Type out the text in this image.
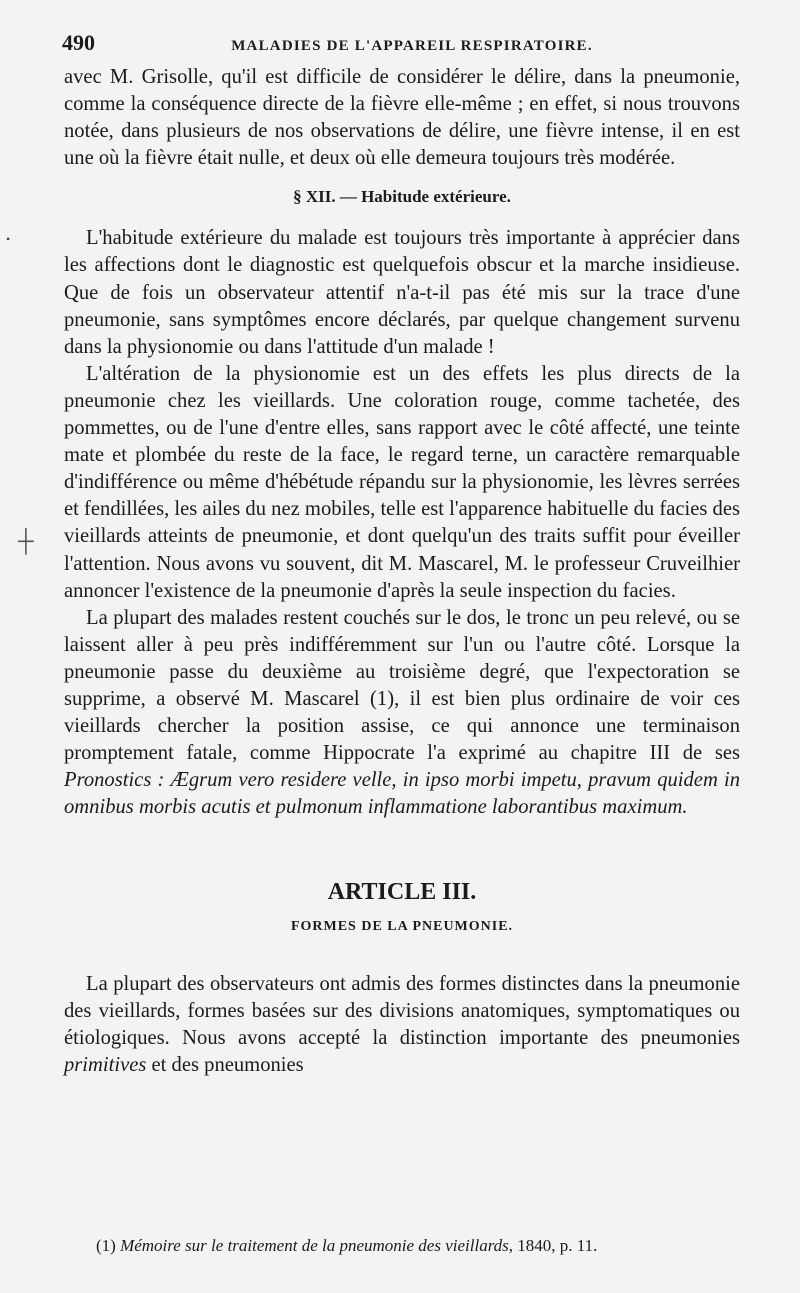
•
┼
490	MALADIES DE L'APPAREIL RESPIRATOIRE.

avec M. Grisolle, qu'il est difficile de considérer le délire, dans la pneumonie, comme la conséquence directe de la fièvre elle-même ; en effet, si nous trouvons notée, dans plusieurs de nos observations de délire, une fièvre intense, il en est une où la fièvre était nulle, et deux où elle demeura toujours très modérée.

§ XII. — Habitude extérieure.

L'habitude extérieure du malade est toujours très importante à apprécier dans les affections dont le diagnostic est quelquefois obscur et la marche insidieuse. Que de fois un observateur attentif n'a-t-il pas été mis sur la trace d'une pneumonie, sans symptômes encore déclarés, par quelque changement survenu dans la physionomie ou dans l'attitude d'un malade !

L'altération de la physionomie est un des effets les plus directs de la pneumonie chez les vieillards. Une coloration rouge, comme tachetée, des pommettes, ou de l'une d'entre elles, sans rapport avec le côté affecté, une teinte mate et plombée du reste de la face, le regard terne, un caractère remarquable d'indifférence ou même d'hébétude répandu sur la physionomie, les lèvres serrées et fendillées, les ailes du nez mobiles, telle est l'apparence habituelle du facies des vieillards atteints de pneumonie, et dont quelqu'un des traits suffit pour éveiller l'attention. Nous avons vu souvent, dit M. Mascarel, M. le professeur Cruveilhier annoncer l'existence de la pneumonie d'après la seule inspection du facies.

La plupart des malades restent couchés sur le dos, le tronc un peu relevé, ou se laissent aller à peu près indifféremment sur l'un ou l'autre côté. Lorsque la pneumonie passe du deuxième au troisième degré, que l'expectoration se supprime, a observé M. Mascarel (1), il est bien plus ordinaire de voir ces vieillards chercher la position assise, ce qui annonce une terminaison promptement fatale, comme Hippocrate l'a exprimé au chapitre III de ses Pronostics : Ægrum vero residere velle, in ipso morbi impetu, pravum quidem in omnibus morbis acutis et pulmonum inflammatione laborantibus maximum.

ARTICLE III.
FORMES DE LA PNEUMONIE.

La plupart des observateurs ont admis des formes distinctes dans la pneumonie des vieillards, formes basées sur des divisions anatomiques, symptomatiques ou étiologiques. Nous avons accepté la distinction importante des pneumonies primitives et des pneumonies

(1) Mémoire sur le traitement de la pneumonie des vieillards, 1840, p. 11.
